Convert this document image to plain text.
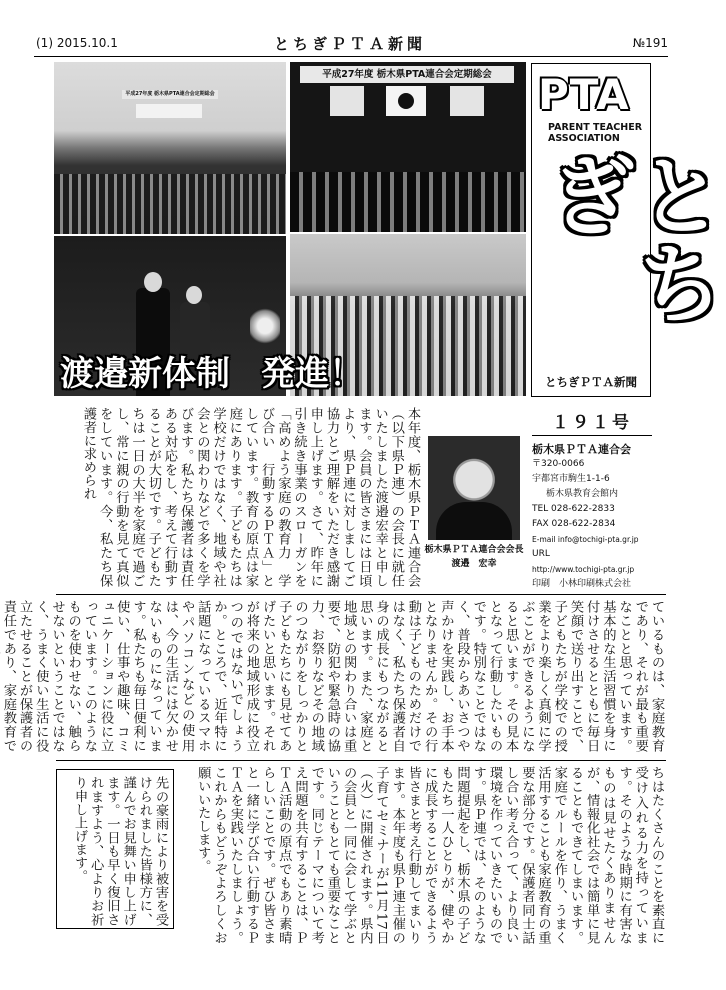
(1) 2015.10.1	とちぎＰＴＡ新聞	№191
平成27年度 栃木県PTA連合会定期総会
平成27年度 栃木県PTA連合会定期総会
渡邉新体制 発進！
PTA
PARENT TEACHER
ASSOCIATION
とちぎ
とちぎＰＴＡ新聞
１９１号
栃木県ＰＴＡ連合会
〒320-0066
宇都宮市駒生1-1-6
栃木県教育会館内
TEL 028-622-2833
FAX 028-622-2834
E-mail info@tochigi-pta.gr.jp
URL
http://www.tochigi-pta.gr.jp
印刷　小林印刷株式会社
栃木県ＰＴＡ連合会会長
渡邉　宏幸
本年度、栃木県ＰＴＡ連合会（以下県Ｐ連）の会長に就任いたしました渡邉宏幸と申します。会員の皆さまには日頃より、県Ｐ連に対しましてご協力とご理解をいただき感謝申し上げます。さて、昨年に引き続き事業のスローガンを「高めよう家庭の教育力　学び合い　行動するＰＴＡ」としています。教育の原点は家庭にあります。子どもたちは学校だけではなく、地域や社会との関わりなどで多くを学びます。私たち保護者は責任ある対応をし、考えて行動することが大切です。子どもたちは一日の大半を家庭で過ごし、常に親の行動を見て真似をしています。今、私たち保護者に求められ
ているものは、家庭教育であり、それが最も重要なことと思っています。基本的な生活習慣を身に付けさせるとともに毎日笑顔で送り出すことで、子どもたちが学校での授業をより楽しく真剣に学ぶことができるようになると思います。その見本となって行動したいものです。特別なことではなく、普段からあいさつや声かけを実践し、お手本となりませんか。その行動は子どものためだけではなく、私たち保護者自身の成長にもつながると思います。また、家庭と地域との関わり合いは重要で、防犯や緊急時の協力、お祭りなどその地域のつながりをしっかりと子どもたちにも見せてあげたいと思います。それが将来の地域形成に役立つのではないでしょうか。ところで、近年特に話題になっているスマホやパソコンなどの使用は、今の生活には欠かせないものになっています。私たちも毎日便利に使い、仕事や趣味、コミュニケーションに役に立っています。このようなものを使わせない、触らせないということではなく、うまく使い生活に役立たせることが保護者の責任であり、家庭教育で
ちはたくさんのことを素直に受け入れる力を持っています。そのような時期に有害なものは見せたくありませんが、情報化社会では簡単に見ることもできてしまいます。家庭でルールを作り、うまく活用することも家庭教育の重要な部分です。保護者同士話し合い考え合って、より良い環境を作っていきたいものです。県Ｐ連では、そのような問題提起をし、栃木県の子どもたち一人ひとりが、健やかに成長することができるよう皆さまと考え行動してまいります。本年度も県Ｐ連主催の子育てセミナーが11月17日（火）に開催されます。県内の会員と一同に会して学ぶということもとても重要なことです。同じテーマについて考え問題を共有することは、ＰＴＡ活動の原点でもあり素晴らしいことです。ぜひ皆さまと一緒に学び合い行動するＰＴＡを実践いたしましょう。これからもどうぞよろしくお願いいたします。
先の豪雨により被害を受けられました皆様方に、謹んでお見舞い申し上げます。一日も早く復旧されますよう、心よりお祈り申し上げます。
